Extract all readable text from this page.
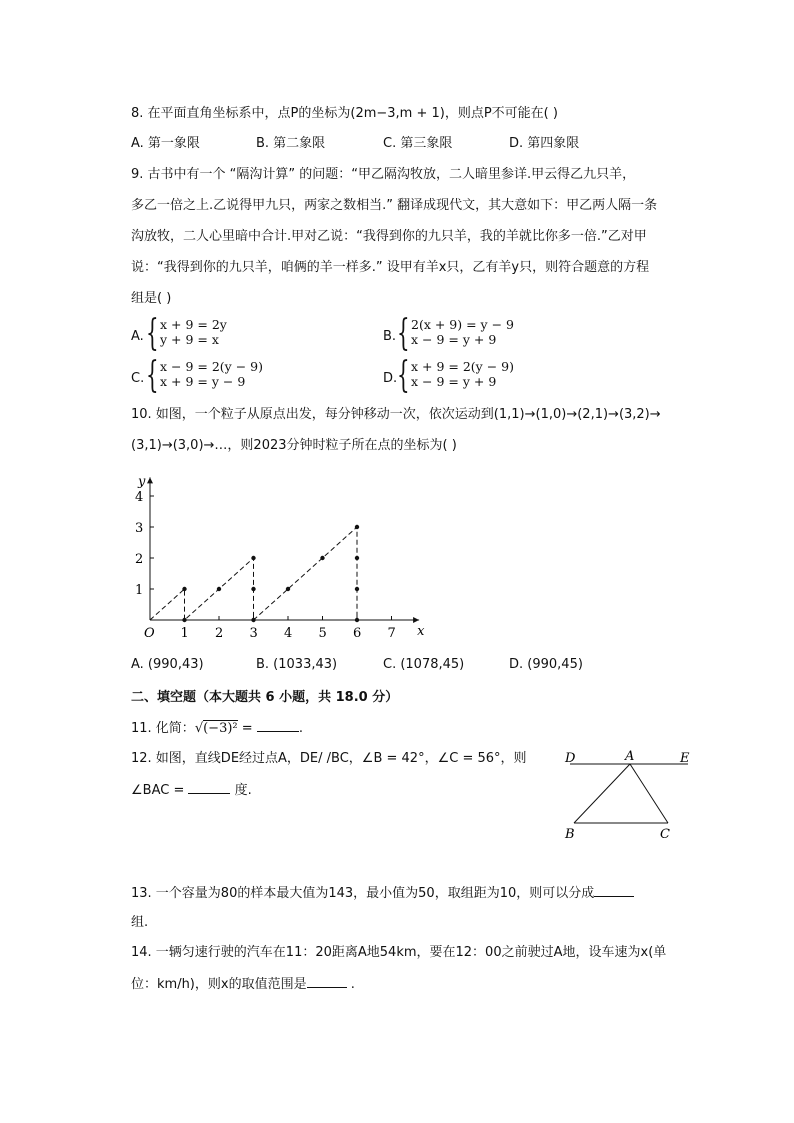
8. 在平面直角坐标系中，点P的坐标为(2m−3,m + 1)，则点P不可能在( )
A. 第一象限	B. 第二象限	C. 第三象限	D. 第四象限
9. 古书中有一个 “隔沟计算” 的问题：“甲乙隔沟牧放，二人暗里参详.甲云得乙九只羊，
多乙一倍之上.乙说得甲九只，两家之数相当.” 翻译成现代文，其大意如下：甲乙两人隔一条
沟放牧，二人心里暗中合计.甲对乙说：“我得到你的九只羊，我的羊就比你多一倍.”乙对甲
说：“我得到你的九只羊，咱俩的羊一样多.” 设甲有羊x只，乙有羊y只，则符合题意的方程
组是( )
A. { x + 9 = 2y
y + 9 = x	B. { 2(x + 9) = y − 9
x − 9 = y + 9
C. { x − 9 = 2(y − 9)
x + 9 = y − 9	D. { x + 9 = 2(y − 9)
x − 9 = y + 9
10. 如图，一个粒子从原点出发，每分钟移动一次，依次运动到(1,1)→(1,0)→(2,1)→(3,2)→
(3,1)→(3,0)→…，则2023分钟时粒子所在点的坐标为( )
1 2 3 4 5 6 7
1
2
3
4
O	x
y
A. (990,43)	B. (1033,43)	C. (1078,45)	D. (990,45)
二、填空题（本大题共 6 小题，共 18.0 分）
11. 化简：√(−3)² =	.
12. 如图，直线DE经过点A，DE/ /BC，∠B = 42°，∠C = 56°，则
∠BAC =	度.
D	A	E
B	C
13. 一个容量为80的样本最大值为143，最小值为50，取组距为10，则可以分成
组.
14. 一辆匀速行驶的汽车在11：20距离A地54km，要在12：00之前驶过A地，设车速为x(单
位：km/h)，则x的取值范围是	.
